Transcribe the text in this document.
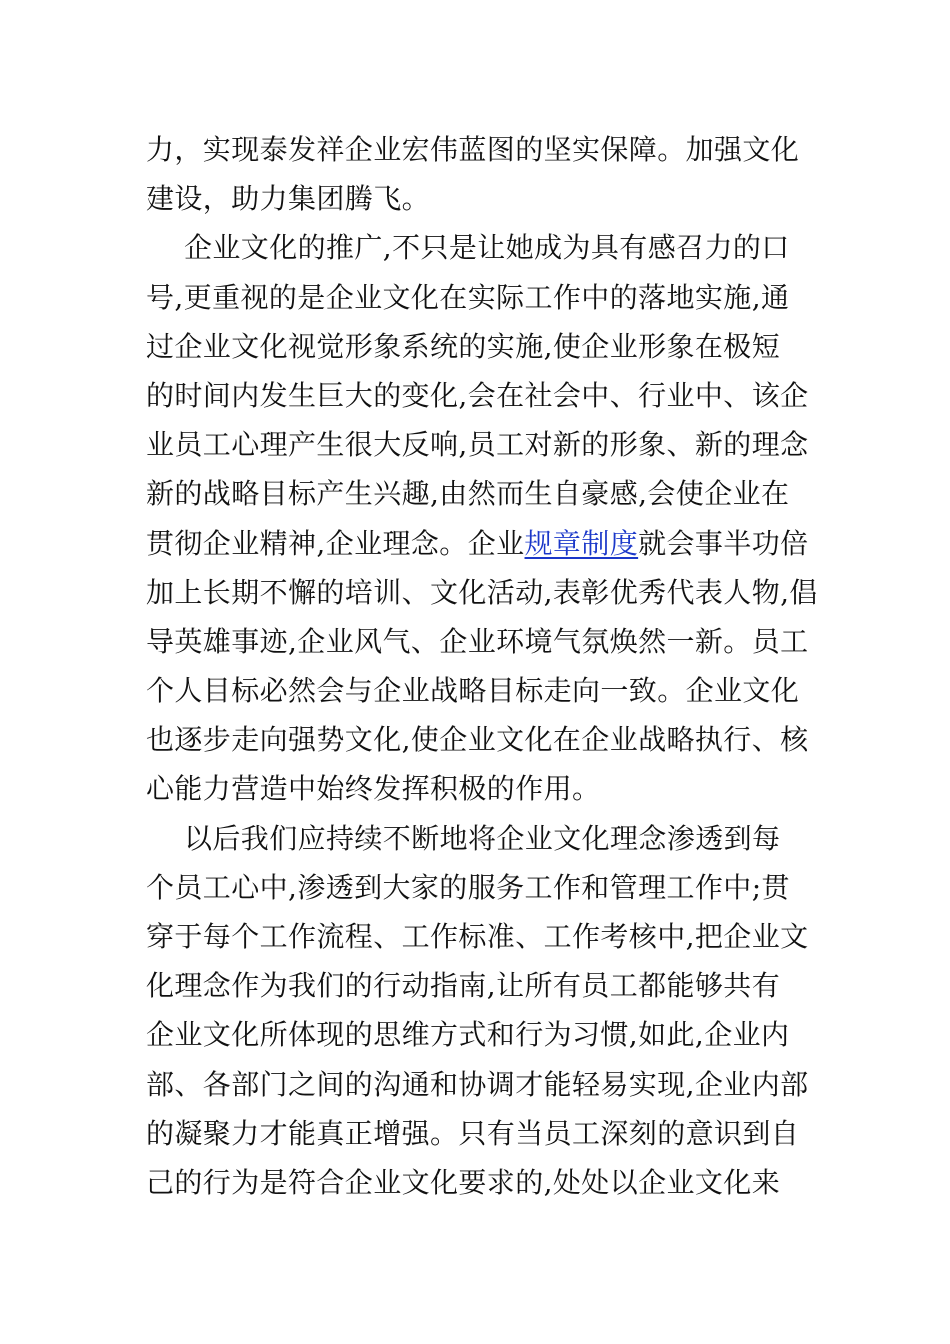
力，实现泰发祥企业宏伟蓝图的坚实保障。加强文化
建设，助力集团腾飞。
企业文化的推广,不只是让她成为具有感召力的口
号,更重视的是企业文化在实际工作中的落地实施,通
过企业文化视觉形象系统的实施,使企业形象在极短
的时间内发生巨大的变化,会在社会中、行业中、该企
业员工心理产生很大反响,员工对新的形象、新的理念
新的战略目标产生兴趣,由然而生自豪感,会使企业在
贯彻企业精神,企业理念。企业规章制度就会事半功倍
加上长期不懈的培训、文化活动,表彰优秀代表人物,倡
导英雄事迹,企业风气、企业环境气氛焕然一新。员工
个人目标必然会与企业战略目标走向一致。企业文化
也逐步走向强势文化,使企业文化在企业战略执行、核
心能力营造中始终发挥积极的作用。
以后我们应持续不断地将企业文化理念渗透到每
个员工心中,渗透到大家的服务工作和管理工作中;贯
穿于每个工作流程、工作标准、工作考核中,把企业文
化理念作为我们的行动指南,让所有员工都能够共有
企业文化所体现的思维方式和行为习惯,如此,企业内
部、各部门之间的沟通和协调才能轻易实现,企业内部
的凝聚力才能真正增强。只有当员工深刻的意识到自
己的行为是符合企业文化要求的,处处以企业文化来
